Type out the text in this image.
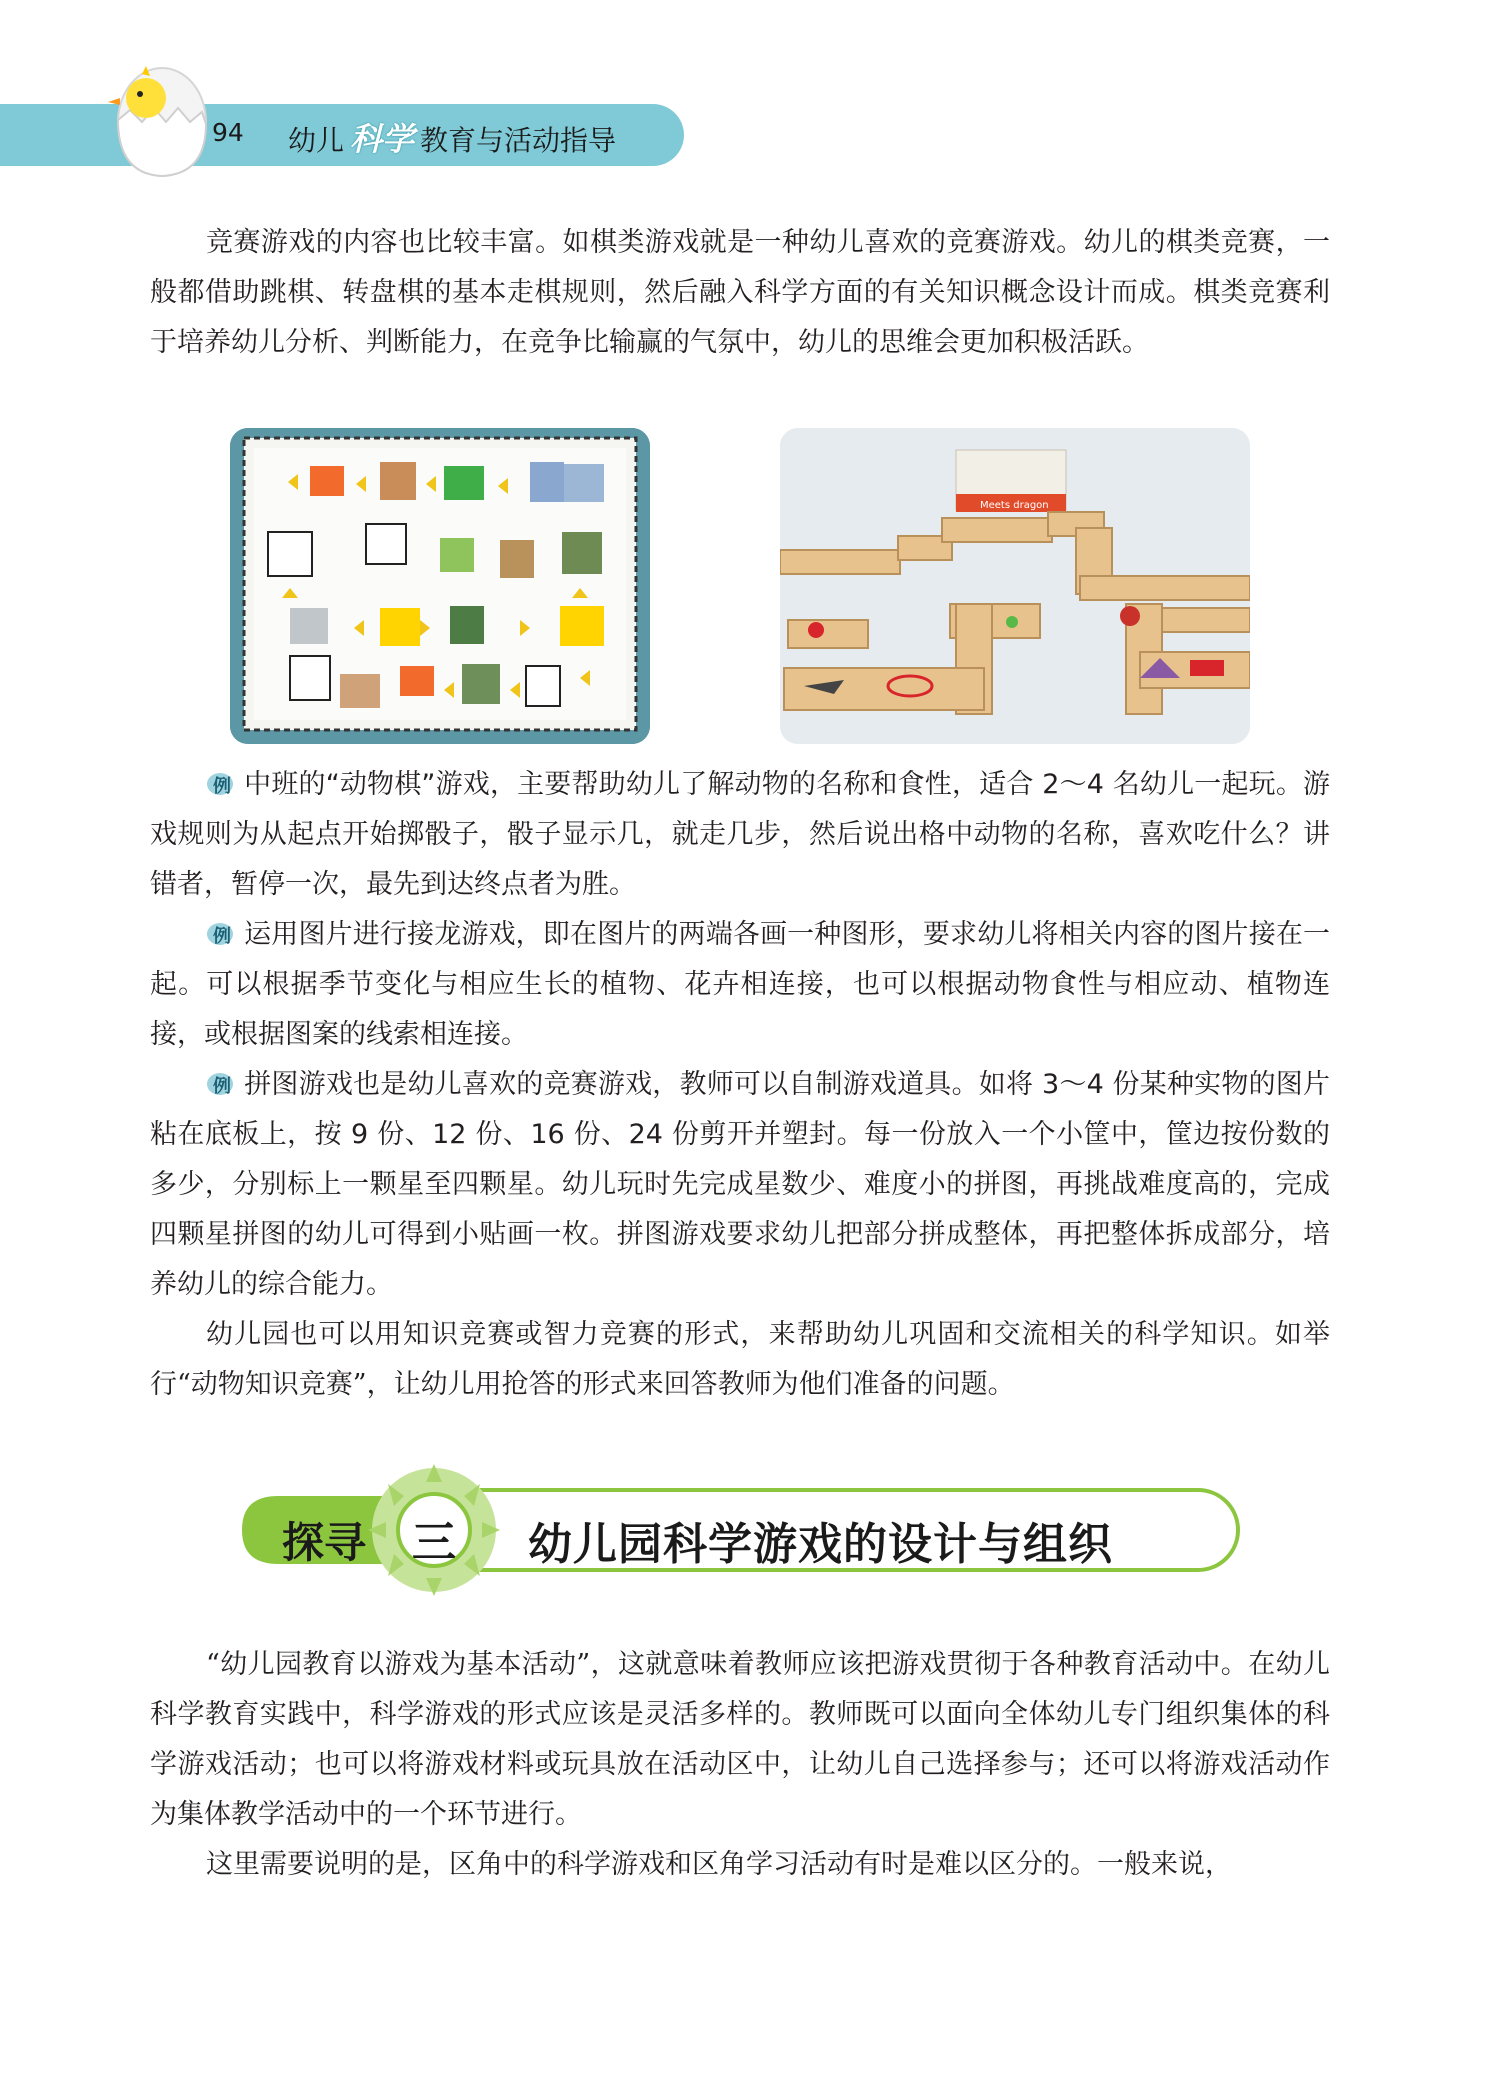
94 幼儿 科学 教育与活动指导
竞赛游戏的内容也比较丰富。如棋类游戏就是一种幼儿喜欢的竞赛游戏。幼儿的棋类竞赛，一般都借助跳棋、转盘棋的基本走棋规则，然后融入科学方面的有关知识概念设计而成。棋类竞赛利于培养幼儿分析、判断能力，在竞争比输赢的气氛中，幼儿的思维会更加积极活跃。
Meets dragon
例 中班的“动物棋”游戏，主要帮助幼儿了解动物的名称和食性，适合 2～4 名幼儿一起玩。游戏规则为从起点开始掷骰子，骰子显示几，就走几步，然后说出格中动物的名称，喜欢吃什么？讲错者，暂停一次，最先到达终点者为胜。
例 运用图片进行接龙游戏，即在图片的两端各画一种图形，要求幼儿将相关内容的图片接在一起。可以根据季节变化与相应生长的植物、花卉相连接，也可以根据动物食性与相应动、植物连接，或根据图案的线索相连接。
例 拼图游戏也是幼儿喜欢的竞赛游戏，教师可以自制游戏道具。如将 3～4 份某种实物的图片粘在底板上，按 9 份、12 份、16 份、24 份剪开并塑封。每一份放入一个小筐中，筐边按份数的多少，分别标上一颗星至四颗星。幼儿玩时先完成星数少、难度小的拼图，再挑战难度高的，完成四颗星拼图的幼儿可得到小贴画一枚。拼图游戏要求幼儿把部分拼成整体，再把整体拆成部分，培养幼儿的综合能力。
幼儿园也可以用知识竞赛或智力竞赛的形式，来帮助幼儿巩固和交流相关的科学知识。如举行“动物知识竞赛”，让幼儿用抢答的形式来回答教师为他们准备的问题。
探寻 三 幼儿园科学游戏的设计与组织
“幼儿园教育以游戏为基本活动”，这就意味着教师应该把游戏贯彻于各种教育活动中。在幼儿科学教育实践中，科学游戏的形式应该是灵活多样的。教师既可以面向全体幼儿专门组织集体的科学游戏活动；也可以将游戏材料或玩具放在活动区中，让幼儿自己选择参与；还可以将游戏活动作为集体教学活动中的一个环节进行。
这里需要说明的是，区角中的科学游戏和区角学习活动有时是难以区分的。一般来说，
